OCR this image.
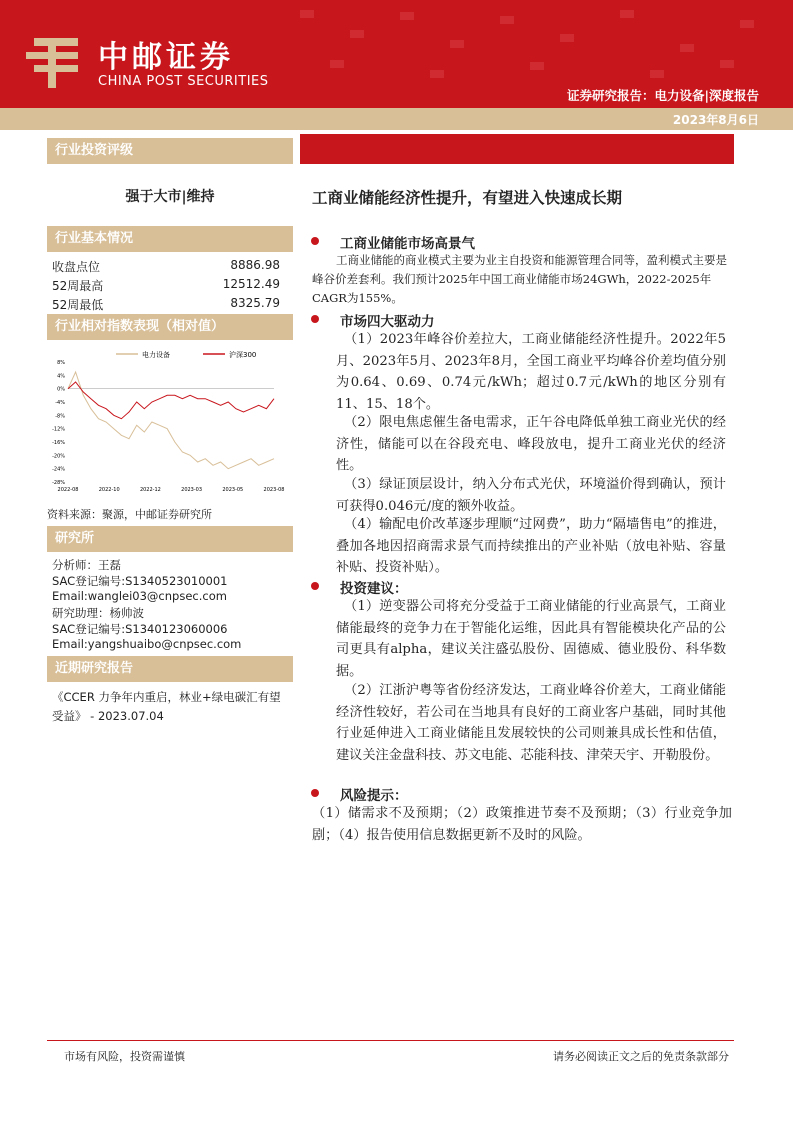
中邮证券
CHINA POST SECURITIES
证券研究报告：电力设备|深度报告
2023年8月6日
行业投资评级
强于大市|维持
行业基本情况
收盘点位	8886.98
52周最高	12512.49
52周最低	8325.79
行业相对指数表现（相对值）
电力设备	沪深300
8%
4%
0%
-4%
-8%
-12%
-16%
-20%
-24%
-28%
2022-08	2022-10	2022-12	2023-03	2023-05	2023-08
资料来源：聚源，中邮证券研究所
研究所
分析师：王磊
SAC登记编号:S1340523010001
Email:wanglei03@cnpsec.com
研究助理：杨帅波
SAC登记编号:S1340123060006
Email:yangshuaibo@cnpsec.com
近期研究报告
《CCER 力争年内重启，林业+绿电碳汇有望受益》 - 2023.07.04
工商业储能经济性提升，有望进入快速成长期
工商业储能市场高景气
工商业储能的商业模式主要为业主自投资和能源管理合同等，盈利模式主要是峰谷价差套利。我们预计2025年中国工商业储能市场24GWh，2022-2025年CAGR为155%。
市场四大驱动力
（1）2023年峰谷价差拉大，工商业储能经济性提升。2022年5月、2023年5月、2023年8月，全国工商业平均峰谷价差均值分别为0.64、0.69、0.74元/kWh；超过0.7元/kWh的地区分别有11、15、18个。
（2）限电焦虑催生备电需求，正午谷电降低单独工商业光伏的经济性，储能可以在谷段充电、峰段放电，提升工商业光伏的经济性。
（3）绿证顶层设计，纳入分布式光伏，环境溢价得到确认，预计可获得0.046元/度的额外收益。
（4）输配电价改革逐步理顺“过网费”，助力“隔墙售电”的推进，叠加各地因招商需求景气而持续推出的产业补贴（放电补贴、容量补贴、投资补贴）。
投资建议：
（1）逆变器公司将充分受益于工商业储能的行业高景气，工商业储能最终的竞争力在于智能化运维，因此具有智能模块化产品的公司更具有alpha，建议关注盛弘股份、固德威、德业股份、科华数据。
（2）江浙沪粤等省份经济发达，工商业峰谷价差大，工商业储能经济性较好，若公司在当地具有良好的工商业客户基础，同时其他行业延伸进入工商业储能且发展较快的公司则兼具成长性和估值，建议关注金盘科技、苏文电能、芯能科技、津荣天宇、开勒股份。
风险提示：
（1）储需求不及预期；（2）政策推进节奏不及预期；（3）行业竞争加剧；（4）报告使用信息数据更新不及时的风险。
市场有风险，投资需谨慎	请务必阅读正文之后的免责条款部分
